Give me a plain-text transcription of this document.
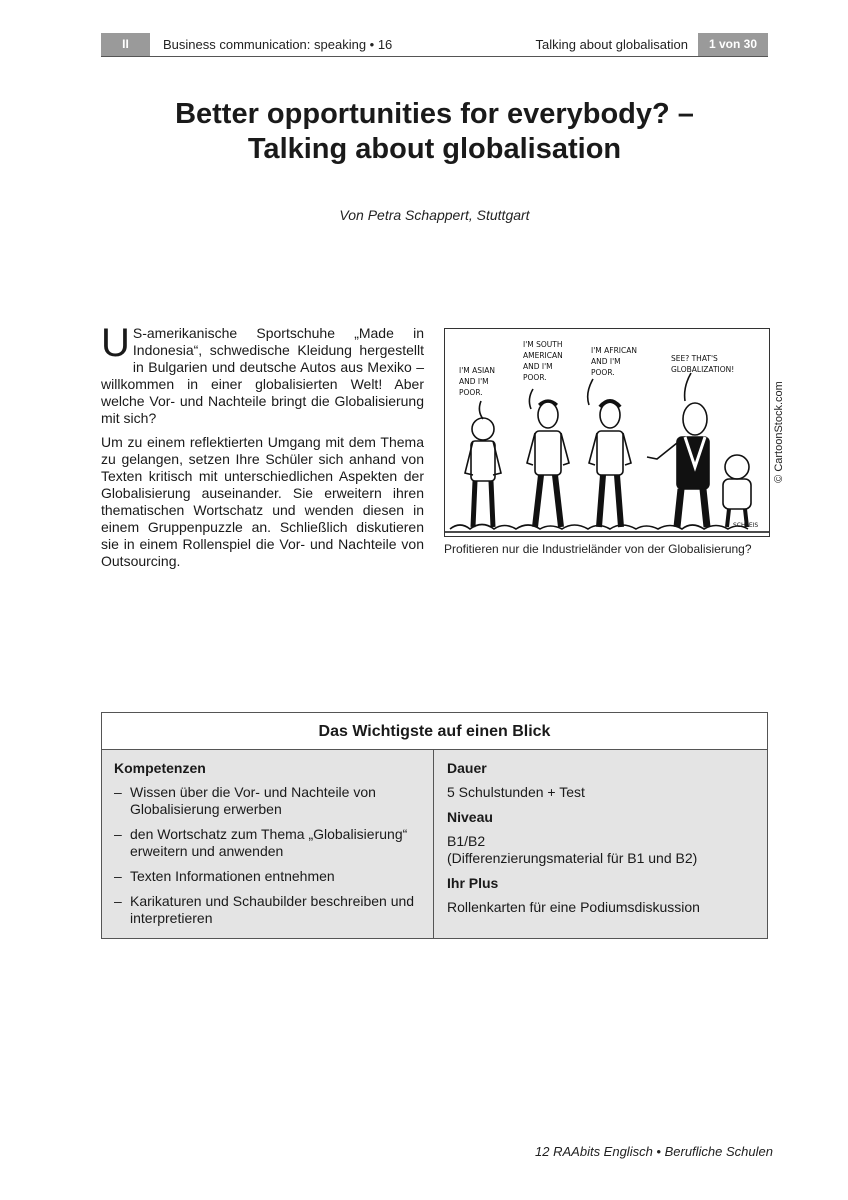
II	Business communication: speaking • 16	Talking about globalisation	1 von 30
Better opportunities for everybody? –
Talking about globalisation
Von Petra Schappert, Stuttgart

U S-amerikanische Sportschuhe „Made in Indonesia“, schwedische Kleidung hergestellt in Bulgarien und deutsche Autos aus Mexiko – willkommen in einer globalisierten Welt! Aber welche Vor- und Nachteile bringt die Globalisierung mit sich?

Um zu einem reflektierten Umgang mit dem Thema zu gelangen, setzen Ihre Schüler sich anhand von Texten kritisch mit unterschiedlichen Aspekten der Globalisierung auseinander. Sie erweitern ihren thematischen Wortschatz und wenden diesen in einem Gruppenpuzzle an. Schließlich diskutieren sie in einem Rollenspiel die Vor- und Nachteile von Outsourcing.

I'M ASIAN AND I'M POOR.
I'M SOUTH AMERICAN AND I'M POOR.
I'M AFRICAN AND I'M POOR.
SEE? THAT'S GLOBALIZATION!
SCHLEIS
© CartoonStock.com
Profitieren nur die Industrieländer von der Globalisierung?
Das Wichtigste auf einen Blick
Kompetenzen
– Wissen über die Vor- und Nachteile von Globalisierung erwerben
– den Wortschatz zum Thema „Globalisierung“ erweitern und anwenden
– Texten Informationen entnehmen
– Karikaturen und Schaubilder beschreiben und interpretieren
Dauer
5 Schulstunden + Test
Niveau
B1/B2
(Differenzierungsmaterial für B1 und B2)
Ihr Plus
Rollenkarten für eine Podiumsdiskussion
12 RAAbits Englisch • Berufliche Schulen
